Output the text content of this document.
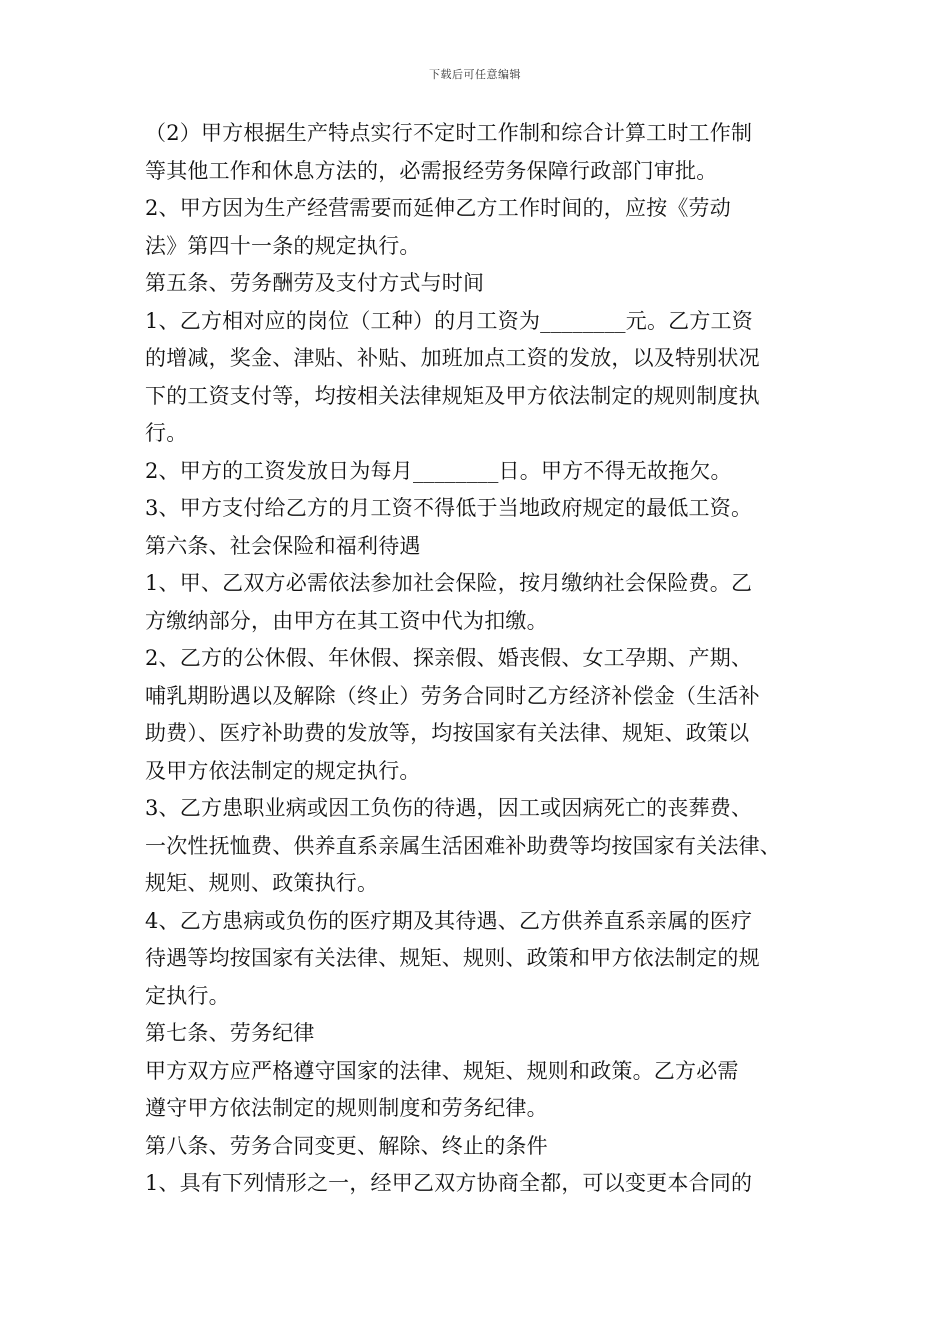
下载后可任意编辑
（2）甲方根据生产特点实行不定时工作制和综合计算工时工作制
等其他工作和休息方法的，必需报经劳务保障行政部门审批。
2、甲方因为生产经营需要而延伸乙方工作时间的，应按《劳动
法》第四十一条的规定执行。
第五条、劳务酬劳及支付方式与时间
1、乙方相对应的岗位（工种）的月工资为________元。乙方工资
的增减，奖金、津贴、补贴、加班加点工资的发放，以及特别状况
下的工资支付等，均按相关法律规矩及甲方依法制定的规则制度执
行。
2、甲方的工资发放日为每月________日。甲方不得无故拖欠。
3、甲方支付给乙方的月工资不得低于当地政府规定的最低工资。
第六条、社会保险和福利待遇
1、甲、乙双方必需依法参加社会保险，按月缴纳社会保险费。乙
方缴纳部分，由甲方在其工资中代为扣缴。
2、乙方的公休假、年休假、探亲假、婚丧假、女工孕期、产期、
哺乳期盼遇以及解除（终止）劳务合同时乙方经济补偿金（生活补
助费）、医疗补助费的发放等，均按国家有关法律、规矩、政策以
及甲方依法制定的规定执行。
3、乙方患职业病或因工负伤的待遇，因工或因病死亡的丧葬费、
一次性抚恤费、供养直系亲属生活困难补助费等均按国家有关法律、
规矩、规则、政策执行。
4、乙方患病或负伤的医疗期及其待遇、乙方供养直系亲属的医疗
待遇等均按国家有关法律、规矩、规则、政策和甲方依法制定的规
定执行。
第七条、劳务纪律
甲方双方应严格遵守国家的法律、规矩、规则和政策。乙方必需
遵守甲方依法制定的规则制度和劳务纪律。
第八条、劳务合同变更、解除、终止的条件
1、具有下列情形之一，经甲乙双方协商全都，可以变更本合同的
